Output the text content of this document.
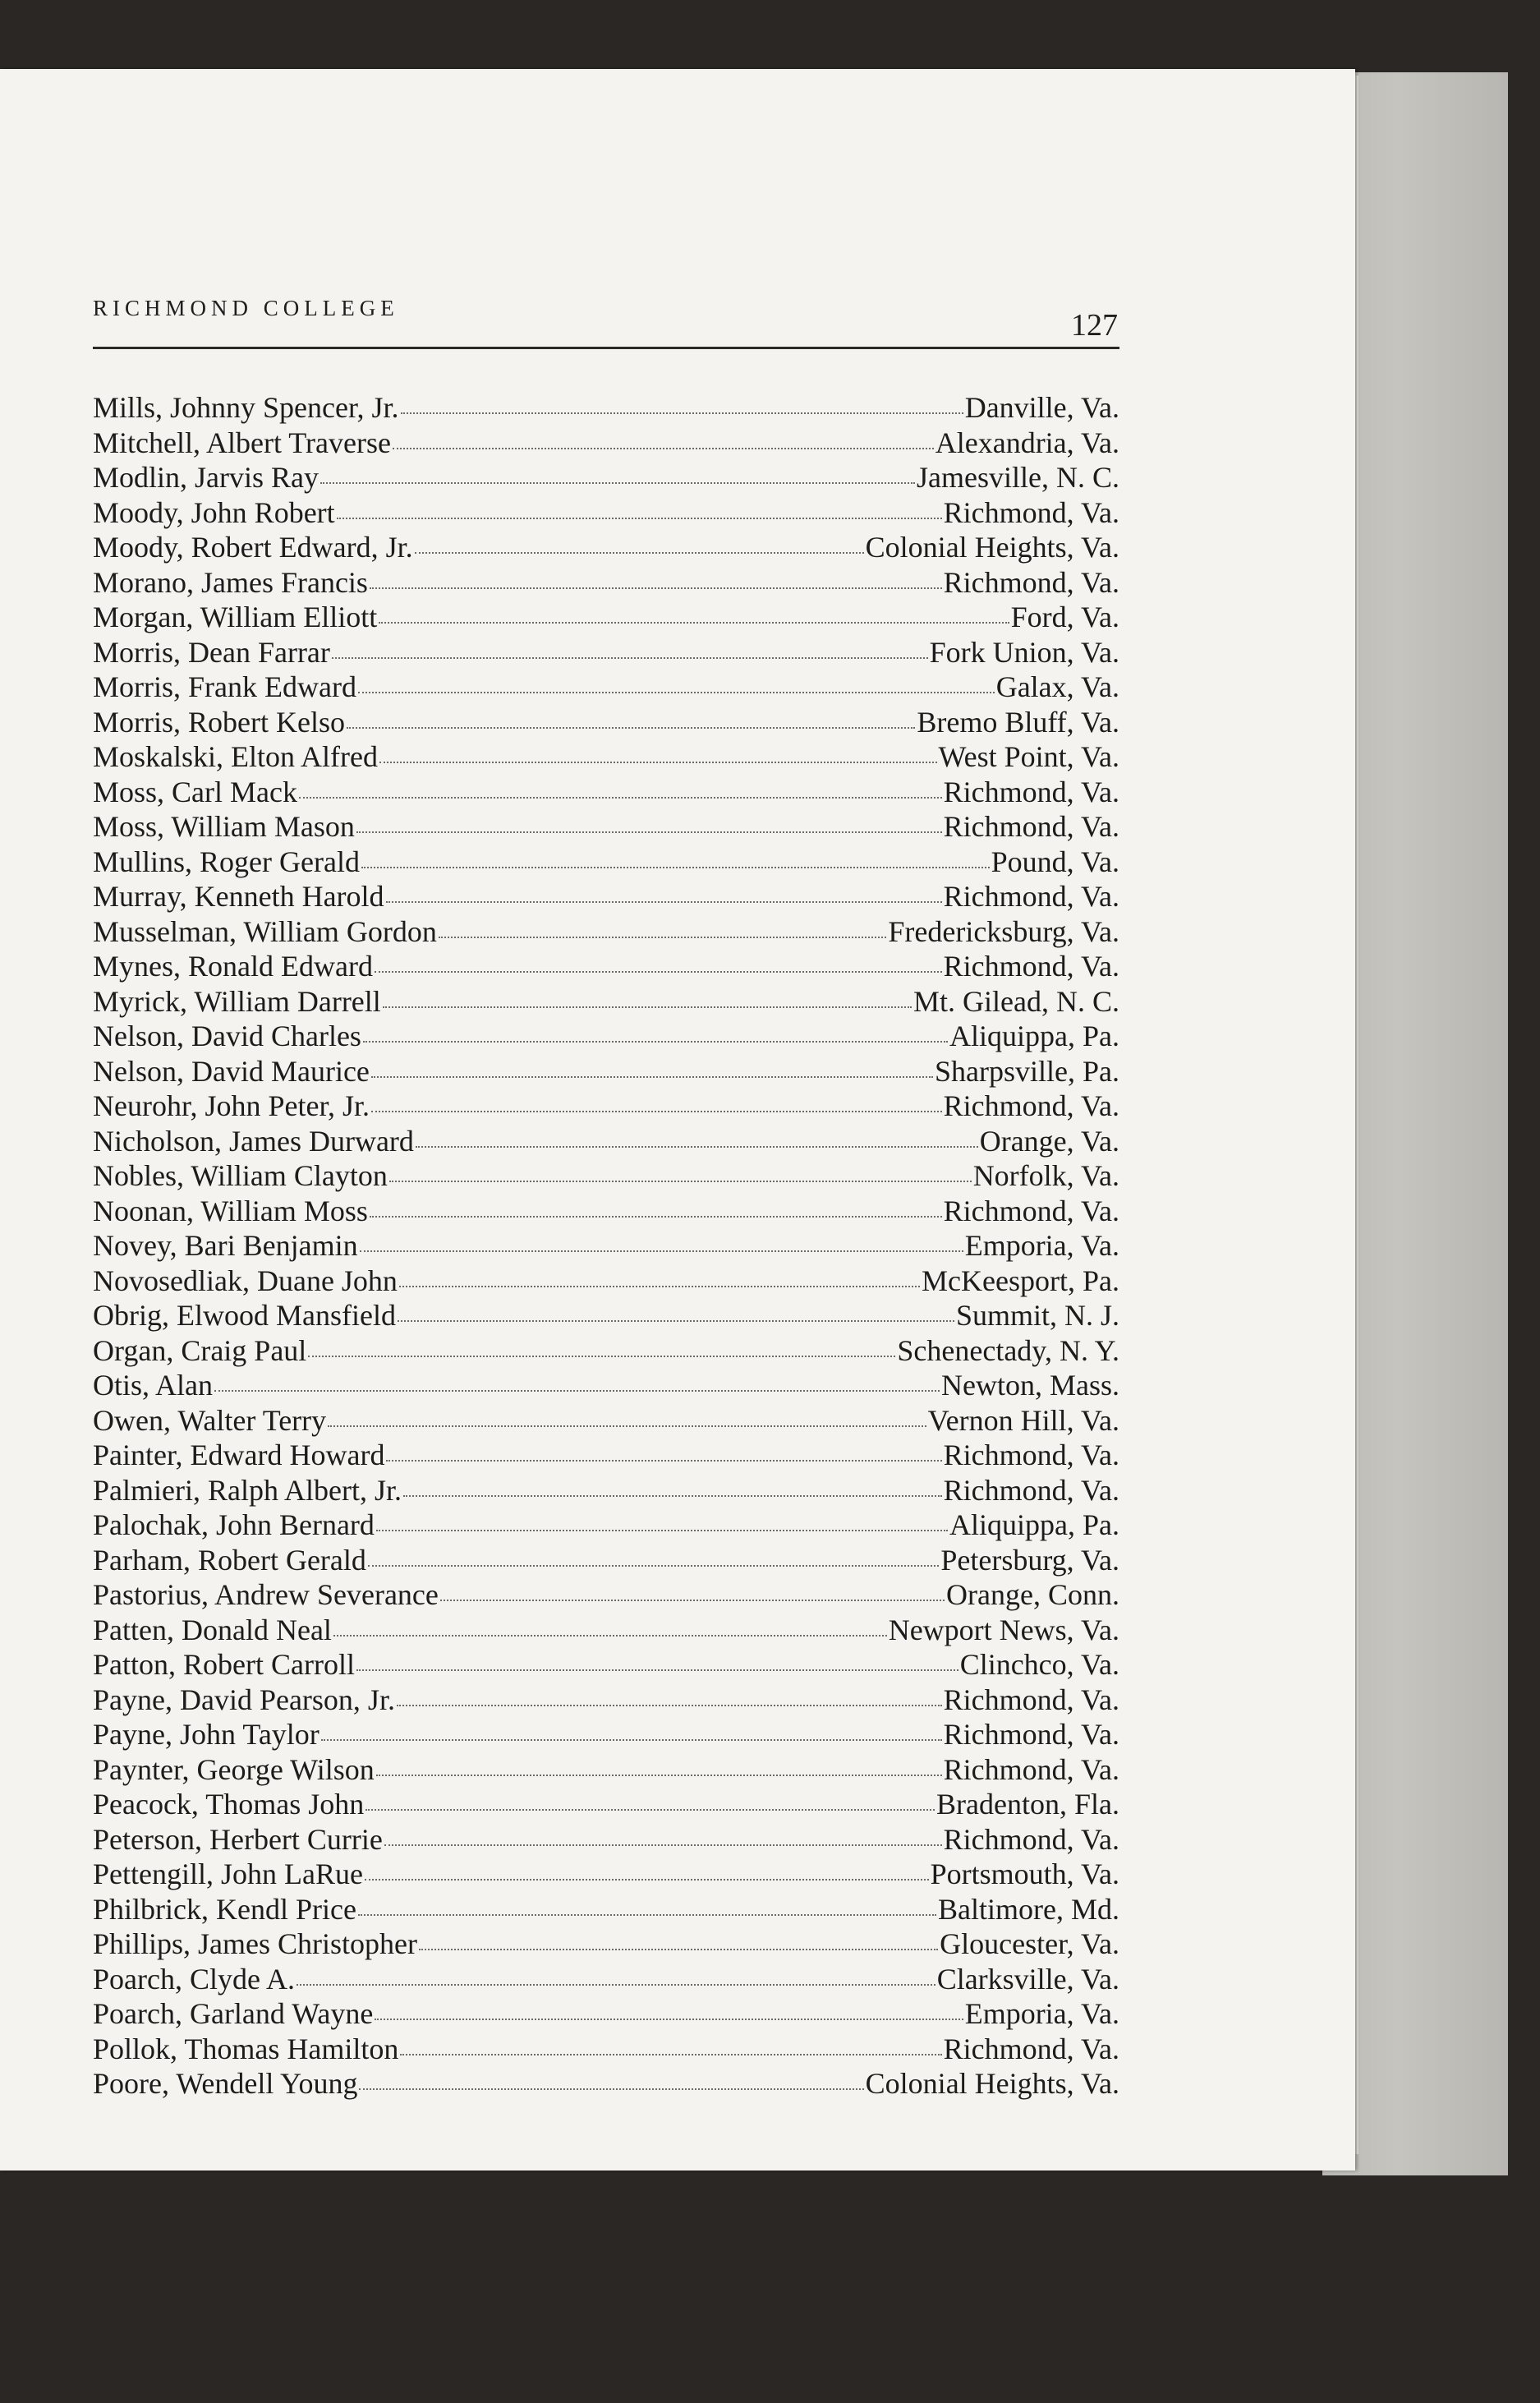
RICHMOND COLLEGE	127
Mills, Johnny Spencer, Jr.	Danville, Va.
Mitchell, Albert Traverse	Alexandria, Va.
Modlin, Jarvis Ray	Jamesville, N. C.
Moody, John Robert	Richmond, Va.
Moody, Robert Edward, Jr.	Colonial Heights, Va.
Morano, James Francis	Richmond, Va.
Morgan, William Elliott	Ford, Va.
Morris, Dean Farrar	Fork Union, Va.
Morris, Frank Edward	Galax, Va.
Morris, Robert Kelso	Bremo Bluff, Va.
Moskalski, Elton Alfred	West Point, Va.
Moss, Carl Mack	Richmond, Va.
Moss, William Mason	Richmond, Va.
Mullins, Roger Gerald	Pound, Va.
Murray, Kenneth Harold	Richmond, Va.
Musselman, William Gordon	Fredericksburg, Va.
Mynes, Ronald Edward	Richmond, Va.
Myrick, William Darrell	Mt. Gilead, N. C.
Nelson, David Charles	Aliquippa, Pa.
Nelson, David Maurice	Sharpsville, Pa.
Neurohr, John Peter, Jr.	Richmond, Va.
Nicholson, James Durward	Orange, Va.
Nobles, William Clayton	Norfolk, Va.
Noonan, William Moss	Richmond, Va.
Novey, Bari Benjamin	Emporia, Va.
Novosedliak, Duane John	McKeesport, Pa.
Obrig, Elwood Mansfield	Summit, N. J.
Organ, Craig Paul	Schenectady, N. Y.
Otis, Alan	Newton, Mass.
Owen, Walter Terry	Vernon Hill, Va.
Painter, Edward Howard	Richmond, Va.
Palmieri, Ralph Albert, Jr.	Richmond, Va.
Palochak, John Bernard	Aliquippa, Pa.
Parham, Robert Gerald	Petersburg, Va.
Pastorius, Andrew Severance	Orange, Conn.
Patten, Donald Neal	Newport News, Va.
Patton, Robert Carroll	Clinchco, Va.
Payne, David Pearson, Jr.	Richmond, Va.
Payne, John Taylor	Richmond, Va.
Paynter, George Wilson	Richmond, Va.
Peacock, Thomas John	Bradenton, Fla.
Peterson, Herbert Currie	Richmond, Va.
Pettengill, John LaRue	Portsmouth, Va.
Philbrick, Kendl Price	Baltimore, Md.
Phillips, James Christopher	Gloucester, Va.
Poarch, Clyde A.	Clarksville, Va.
Poarch, Garland Wayne	Emporia, Va.
Pollok, Thomas Hamilton	Richmond, Va.
Poore, Wendell Young	Colonial Heights, Va.
